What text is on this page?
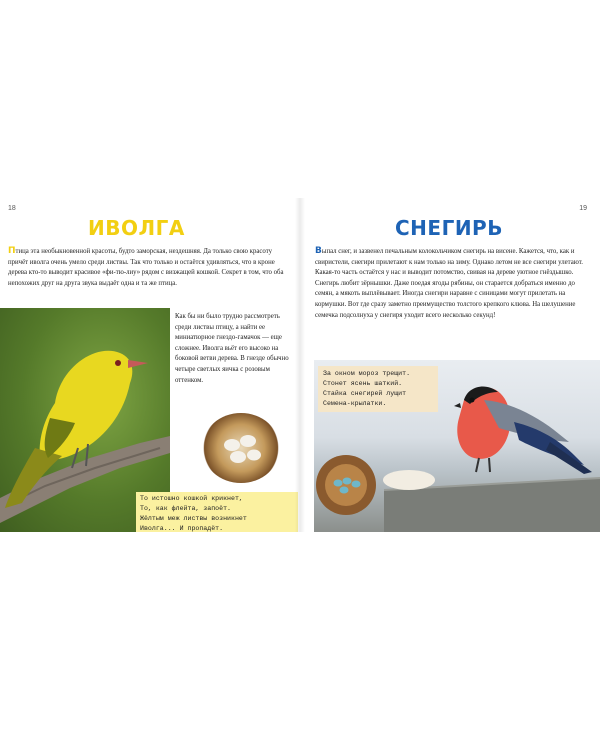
18
ИВОЛГА

Птица эта необыкновенной красоты, будто заморская, нездешняя. Да только свою красоту причёт иволга очень умело среди листвы. Так что только и остаётся удивляться, что в кроне дерева кто-то выводит красивое «фи-тю-лиу» рядом с визжащей кошкой. Секрет в том, что оба непохожих друг на друга звука выдаёт одна и та же птица.

Как бы ни было трудно рассмотреть среди листвы птицу, а найти ее миниатюрное гнездо-гамачок — еще сложнее. Иволга вьёт его высоко на боковой ветви дерева. В гнезде обычно четыре светлых яичка с розовым оттенком.

То истошно кошкой крикнет,

То, как флейта, запоёт.

Жёлтым меж листвы возникнет

Иволга... И пропадёт.

19
СНЕГИРЬ

Выпал снег, и зазвенел печальным колокольчиком снегирь на висене. Кажется, что, как и свиристели, снегири прилетают к нам только на зиму. Однако летом не все снегири улетают. Какая-то часть остаётся у нас и выводит потомство, свивая на дереве уютное гнёздышко.

Снегирь любит зёрнышки. Даже поедая ягоды рябины, он старается добраться именно до семян, а мякоть выплёвывает. Иногда снегири наравне с синицами могут прилетать на кормушки. Вот где сразу заметно преимущество толстого крепкого клюва. На шелушение семечка подсолнуха у снегиря уходит всего несколько секунд!

За окном мороз трещит.

Стонет ясень шаткий.

Стайка снегирей лущит

Семена-крылатки.
